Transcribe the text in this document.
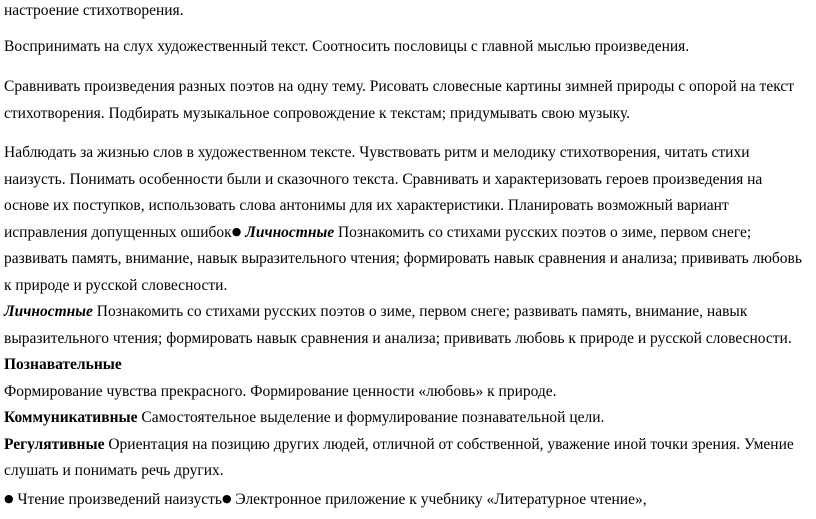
настроение стихотворения.
Воспринимать на слух художественный текст. Соотносить пословицы с главной мыслью произведения.
Сравнивать произведения разных поэтов на одну тему. Рисовать словесные картины зимней природы с опорой на текст
стихотворения. Подбирать музыкальное сопровождение к текстам; придумывать свою музыку.
Наблюдать за жизнью слов в художественном тексте. Чувствовать ритм и мелодику стихотворения, читать стихи
наизусть. Понимать особенности были и сказочного текста. Сравнивать и характеризовать героев произведения на
основе их поступков, использовать слова антонимы для их характеристики. Планировать возможный вариант
исправления допущенных ошибок● Личностные Познакомить со стихами русских поэтов о зиме, первом снеге;
развивать память, внимание, навык выразительного чтения; формировать навык сравнения и анализа; прививать любовь
к природе и русской словесности.
Личностные Познакомить со стихами русских поэтов о зиме, первом снеге; развивать память, внимание, навык
выразительного чтения; формировать навык сравнения и анализа; прививать любовь к природе и русской словесности.
Познавательные
Формирование чувства прекрасного. Формирование ценности «любовь» к природе.
Коммуникативные Самостоятельное выделение и формулирование познавательной цели.
Регулятивные Ориентация на позицию других людей, отличной от собственной, уважение иной точки зрения. Умение
слушать и понимать речь других.
● Чтение произведений наизусть● Электронное приложение к учебнику «Литературное чтение»,
